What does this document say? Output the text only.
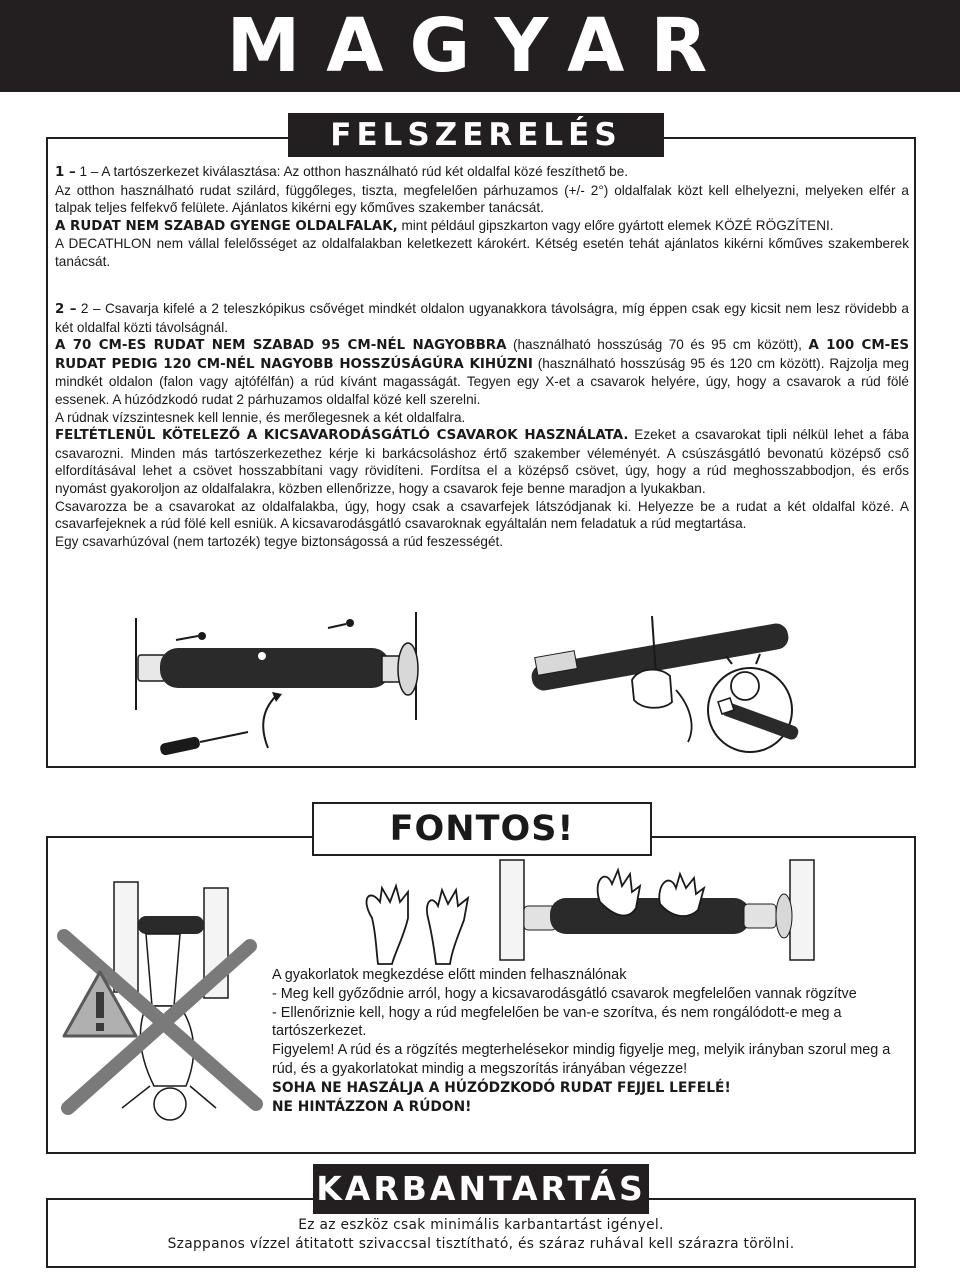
MAGYAR
FELSZERELÉS
1 – 1 – A tartószerkezet kiválasztása: Az otthon használható rúd két oldalfal közé feszíthető be.
Az otthon használható rudat szilárd, függőleges, tiszta, megfelelően párhuzamos (+/- 2°) oldalfalak közt kell elhelyezni, melyeken elfér a talpak teljes felfekvő felülete. Ajánlatos kikérni egy kőműves szakember tanácsát.
A RUDAT NEM SZABAD GYENGE OLDALFALAK, mint például gipszkarton vagy előre gyártott elemek KÖZÉ RÖGZÍTENI.
A DECATHLON nem vállal felelősséget az oldalfalakban keletkezett károkért. Kétség esetén tehát ajánlatos kikérni kőműves szakemberek tanácsát.
2 – 2 – Csavarja kifelé a 2 teleszkópikus csővéget mindkét oldalon ugyanakkora távolságra, míg éppen csak egy kicsit nem lesz rövidebb a két oldalfal közti távolságnál.
A 70 CM-ES RUDAT NEM SZABAD 95 CM-NÉL NAGYOBBRA (használható hosszúság 70 és 95 cm között), A 100 CM-ES RUDAT PEDIG 120 CM-NÉL NAGYOBB HOSSZÚSÁGÚRA KIHÚZNI (használható hosszúság 95 és 120 cm között). Rajzolja meg mindkét oldalon (falon vagy ajtófélfán) a rúd kívánt magasságát. Tegyen egy X-et a csavarok helyére, úgy, hogy a csavarok a rúd fölé essenek. A húzódzkodó rudat 2 párhuzamos oldalfal közé kell szerelni.
A rúdnak vízszintesnek kell lennie, és merőlegesnek a két oldalfalra.
FELTÉTLENÜL KÖTELEZŐ A KICSAVARODÁSGÁTLÓ CSAVAROK HASZNÁLATA. Ezeket a csavarokat tipli nélkül lehet a fába csavarozni. Minden más tartószerkezethez kérje ki barkácsoláshoz értő szakember véleményét. A csúszásgátló bevonatú középső cső elfordításával lehet a csövet hosszabbítani vagy rövidíteni. Fordítsa el a középső csövet, úgy, hogy a rúd meghosszabbodjon, és erős nyomást gyakoroljon az oldalfalakra, közben ellenőrizze, hogy a csavarok feje benne maradjon a lyukakban.
Csavarozza be a csavarokat az oldalfalakba, úgy, hogy csak a csavarfejek látszódjanak ki. Helyezze be a rudat a két oldalfal közé. A csavarfejeknek a rúd fölé kell esniük. A kicsavarodásgátló csavaroknak egyáltalán nem feladatuk a rúd megtartása.
Egy csavarhúzóval (nem tartozék) tegye biztonságossá a rúd feszességét.
FONTOS!

A gyakorlatok megkezdése előtt minden felhasználónak

- Meg kell győződnie arról, hogy a kicsavarodásgátló csavarok megfelelően vannak rögzítve

- Ellenőriznie kell, hogy a rúd megfelelően be van-e szorítva, és nem rongálódott-e meg a tartószerkezet.

Figyelem! A rúd és a rögzítés megterhelésekor mindig figyelje meg, melyik irányban szorul meg a rúd, és a gyakorlatokat mindig a megszorítás irányában végezze!

SOHA NE HASZÁLJA A HÚZÓDZKODÓ RUDAT FEJJEL LEFELÉ!

NE HINTÁZZON A RÚDON!

KARBANTARTÁS

Ez az eszköz csak minimális karbantartást igényel.

Szappanos vízzel átitatott szivaccsal tisztítható, és száraz ruhával kell szárazra törölni.
